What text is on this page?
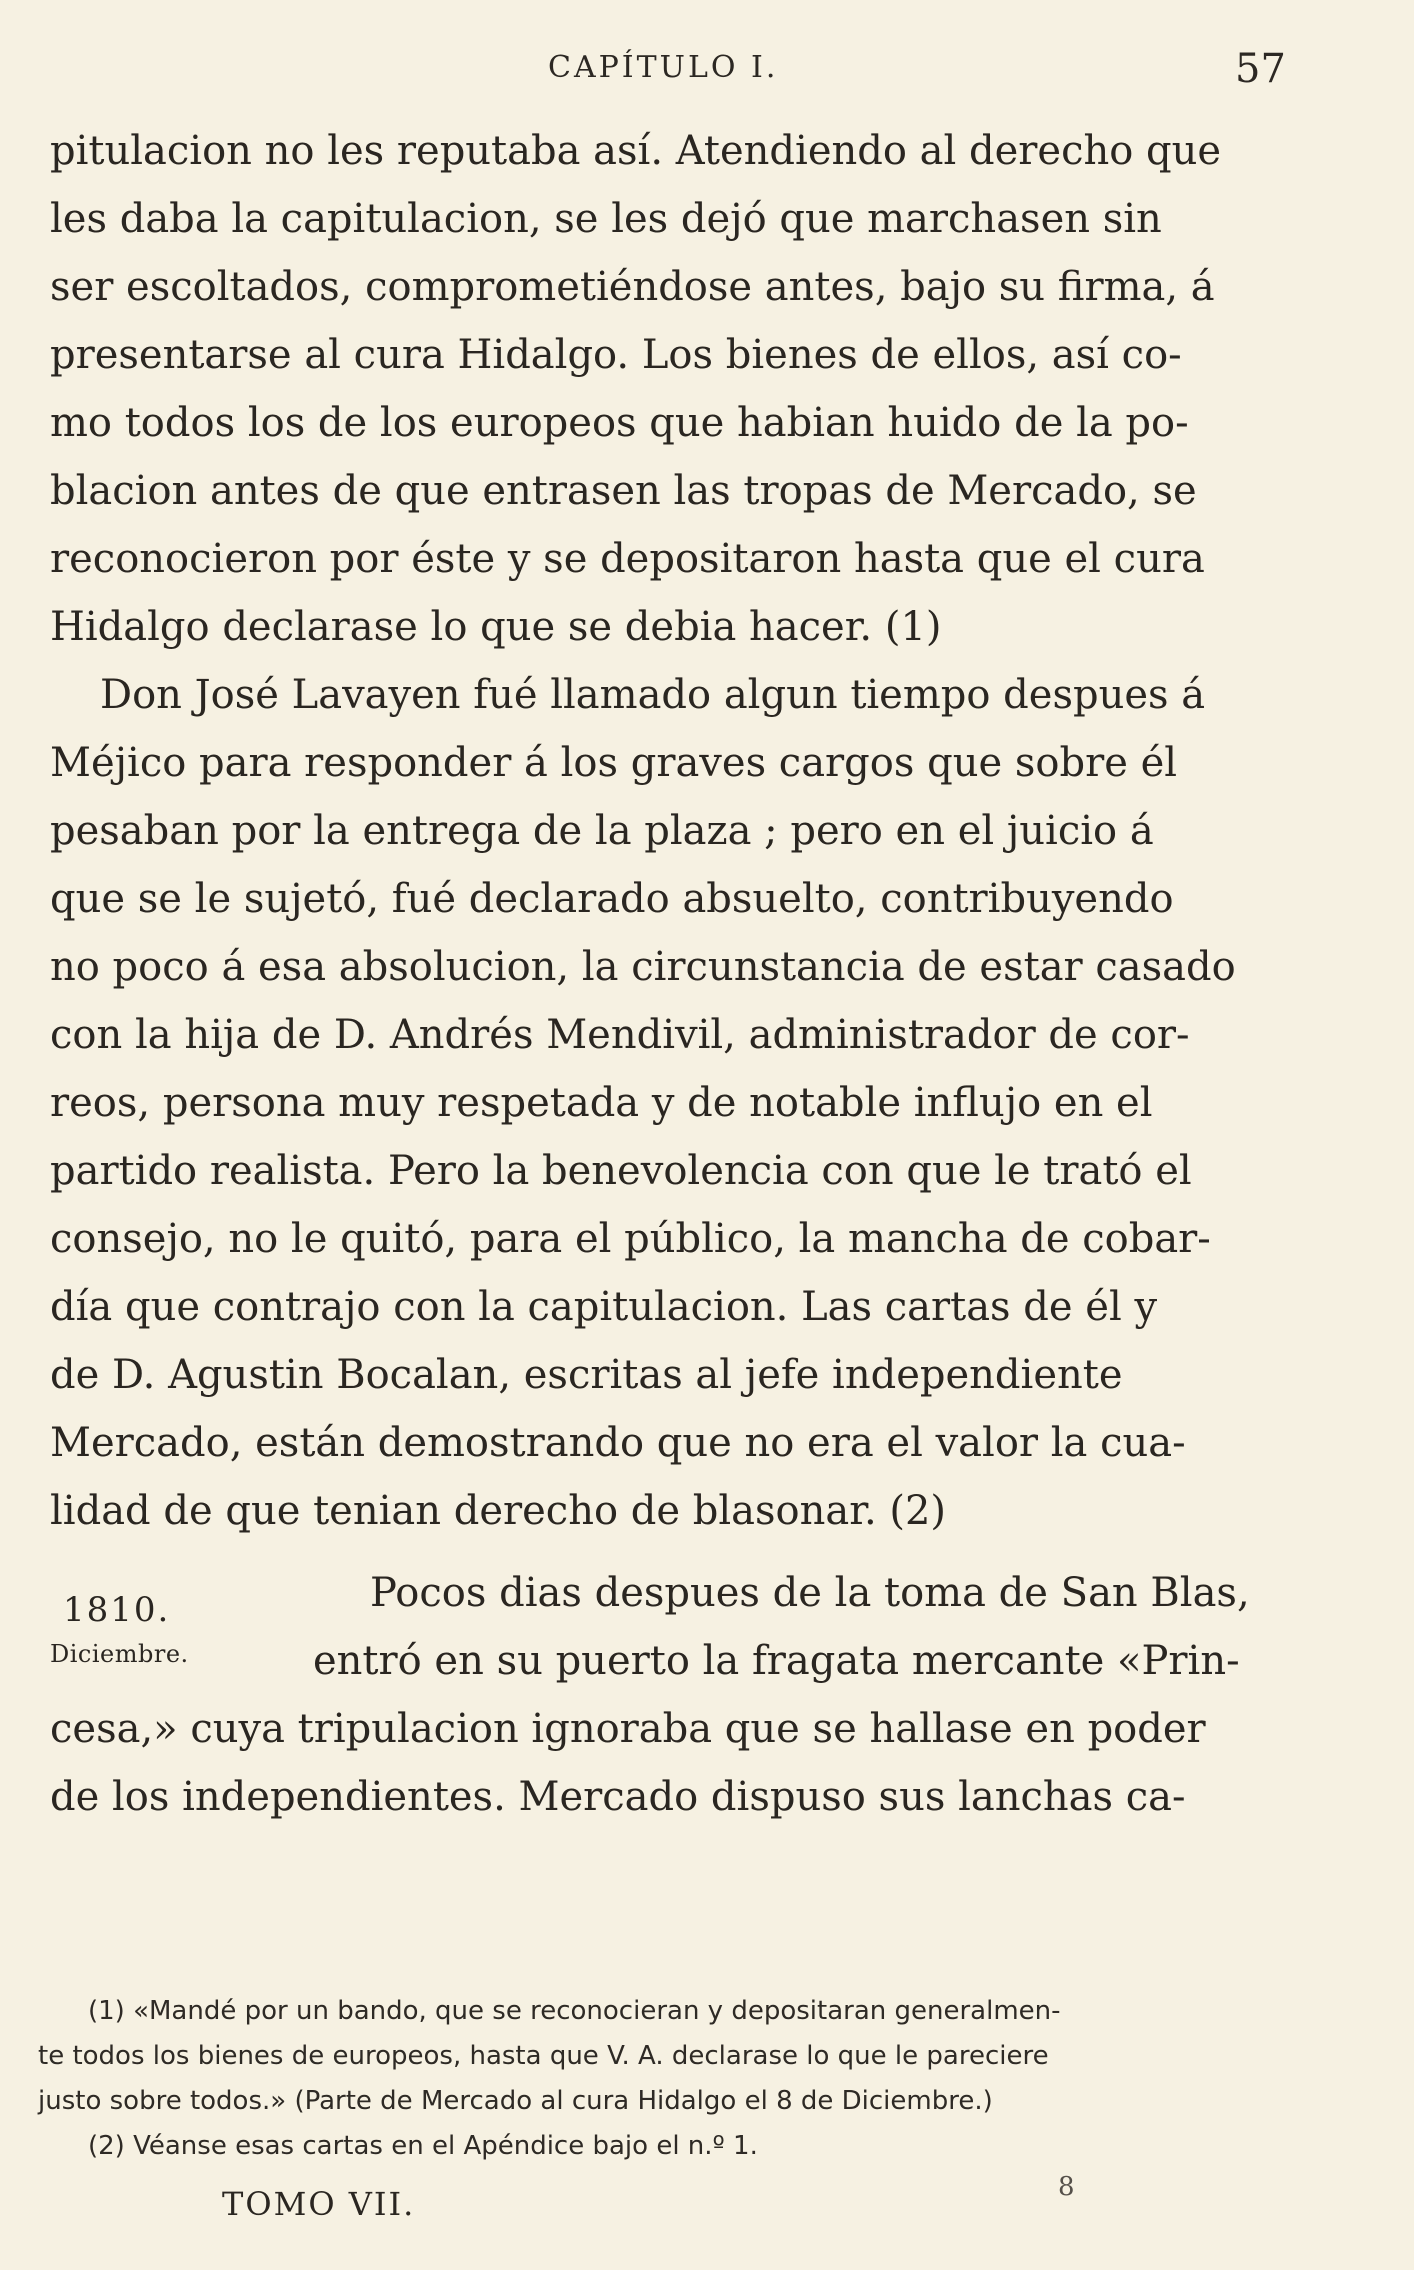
CAPÍTULO I.	57
pitulacion no les reputaba así. Atendiendo al derecho que
les daba la capitulacion, se les dejó que marchasen sin
ser escoltados, comprometiéndose antes, bajo su firma, á
presentarse al cura Hidalgo. Los bienes de ellos, así co-
mo todos los de los europeos que habian huido de la po-
blacion antes de que entrasen las tropas de Mercado, se
reconocieron por éste y se depositaron hasta que el cura
Hidalgo declarase lo que se debia hacer. (1)
Don José Lavayen fué llamado algun tiempo despues á
Méjico para responder á los graves cargos que sobre él
pesaban por la entrega de la plaza ; pero en el juicio á
que se le sujetó, fué declarado absuelto, contribuyendo
no poco á esa absolucion, la circunstancia de estar casado
con la hija de D. Andrés Mendivil, administrador de cor-
reos, persona muy respetada y de notable influjo en el
partido realista. Pero la benevolencia con que le trató el
consejo, no le quitó, para el público, la mancha de cobar-
día que contrajo con la capitulacion. Las cartas de él y
de D. Agustin Bocalan, escritas al jefe independiente
Mercado, están demostrando que no era el valor la cua-
lidad de que tenian derecho de blasonar. (2)
Pocos dias despues de la toma de San Blas,
entró en su puerto la fragata mercante «Prin-
cesa,» cuya tripulacion ignoraba que se hallase en poder
de los independientes. Mercado dispuso sus lanchas ca-
1810.
Diciembre.
(1) «Mandé por un bando, que se reconocieran y depositaran generalmen-
te todos los bienes de europeos, hasta que V. A. declarase lo que le pareciere
justo sobre todos.» (Parte de Mercado al cura Hidalgo el 8 de Diciembre.)
(2) Véanse esas cartas en el Apéndice bajo el n.º 1.
TOMO VII.	8
